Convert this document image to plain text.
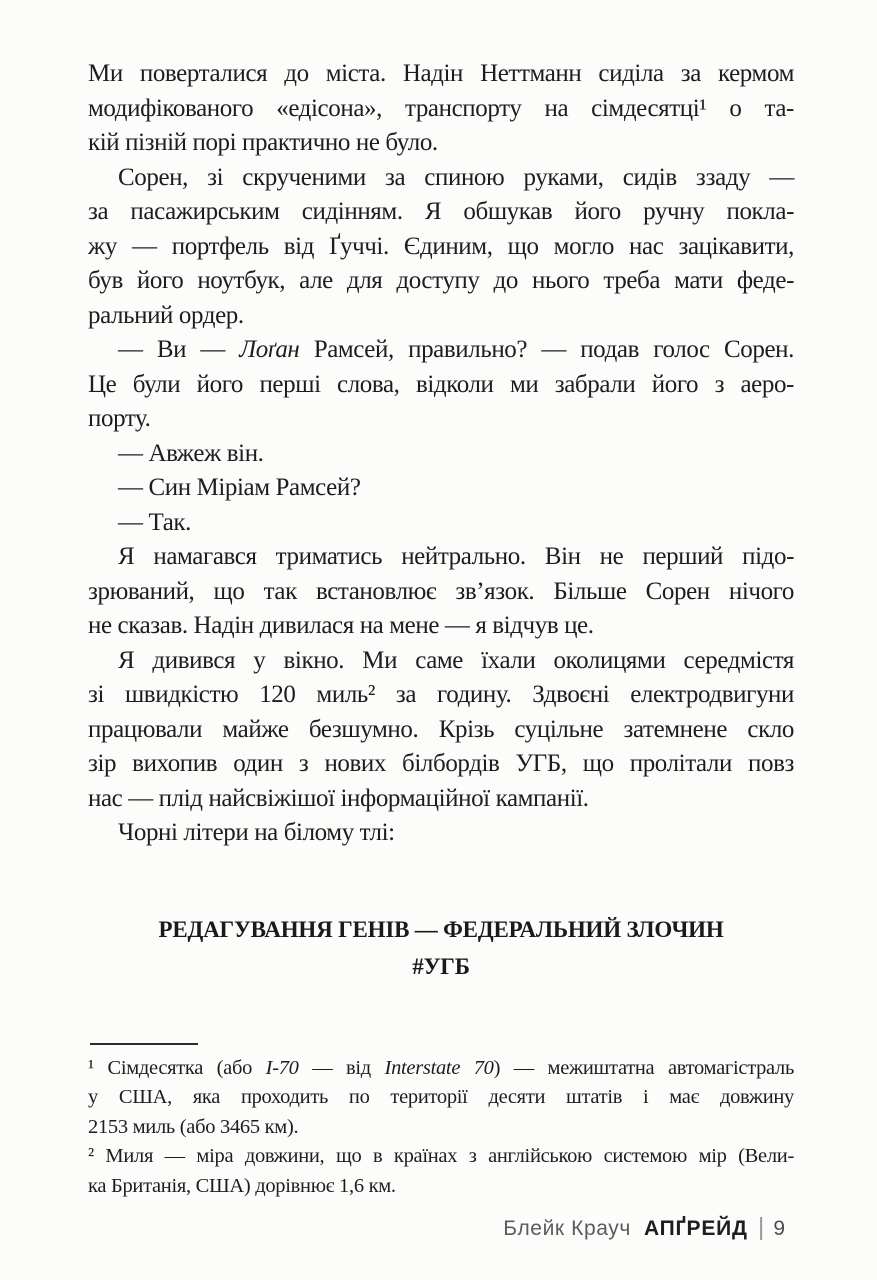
Ми поверталися до міста. Надін Неттманн сиділа за кермом
модифікованого «едісона», транспорту на сімдесятці¹ о та-
кій пізній порі практично не було.
Сорен, зі скрученими за спиною руками, сидів ззаду —
за пасажирським сидінням. Я обшукав його ручну покла-
жу — портфель від Ґуччі. Єдиним, що могло нас зацікавити,
був його ноутбук, але для доступу до нього треба мати феде-
ральний ордер.
— Ви — Лоґан Рамсей, правильно? — подав голос Сорен.
Це були його перші слова, відколи ми забрали його з аеро-
порту.
— Авжеж він.
— Син Міріам Рамсей?
— Так.
Я намагався триматись нейтрально. Він не перший підо-
зрюваний, що так встановлює зв’язок. Більше Сорен нічого
не сказав. Надін дивилася на мене — я відчув це.
Я дивився у вікно. Ми саме їхали околицями середмістя
зі швидкістю 120 миль² за годину. Здвоєні електродвигуни
працювали майже безшумно. Крізь суцільне затемнене скло
зір вихопив один з нових білбордів УГБ, що пролітали повз
нас — плід найсвіжішої інформаційної кампанії.
Чорні літери на білому тлі:
РЕДАГУВАННЯ ГЕНІВ — ФЕДЕРАЛЬНИЙ ЗЛОЧИН
#УГБ
¹ Сімдесятка (або I-70 — від Interstate 70) — межиштатна автомагістраль
у США, яка проходить по території десяти штатів і має довжину
2153 миль (або 3465 км).
² Миля — міра довжини, що в країнах з англійською системою мір (Вели-
ка Британія, США) дорівнює 1,6 км.
Блейк Крауч АПҐРЕЙД | 9
